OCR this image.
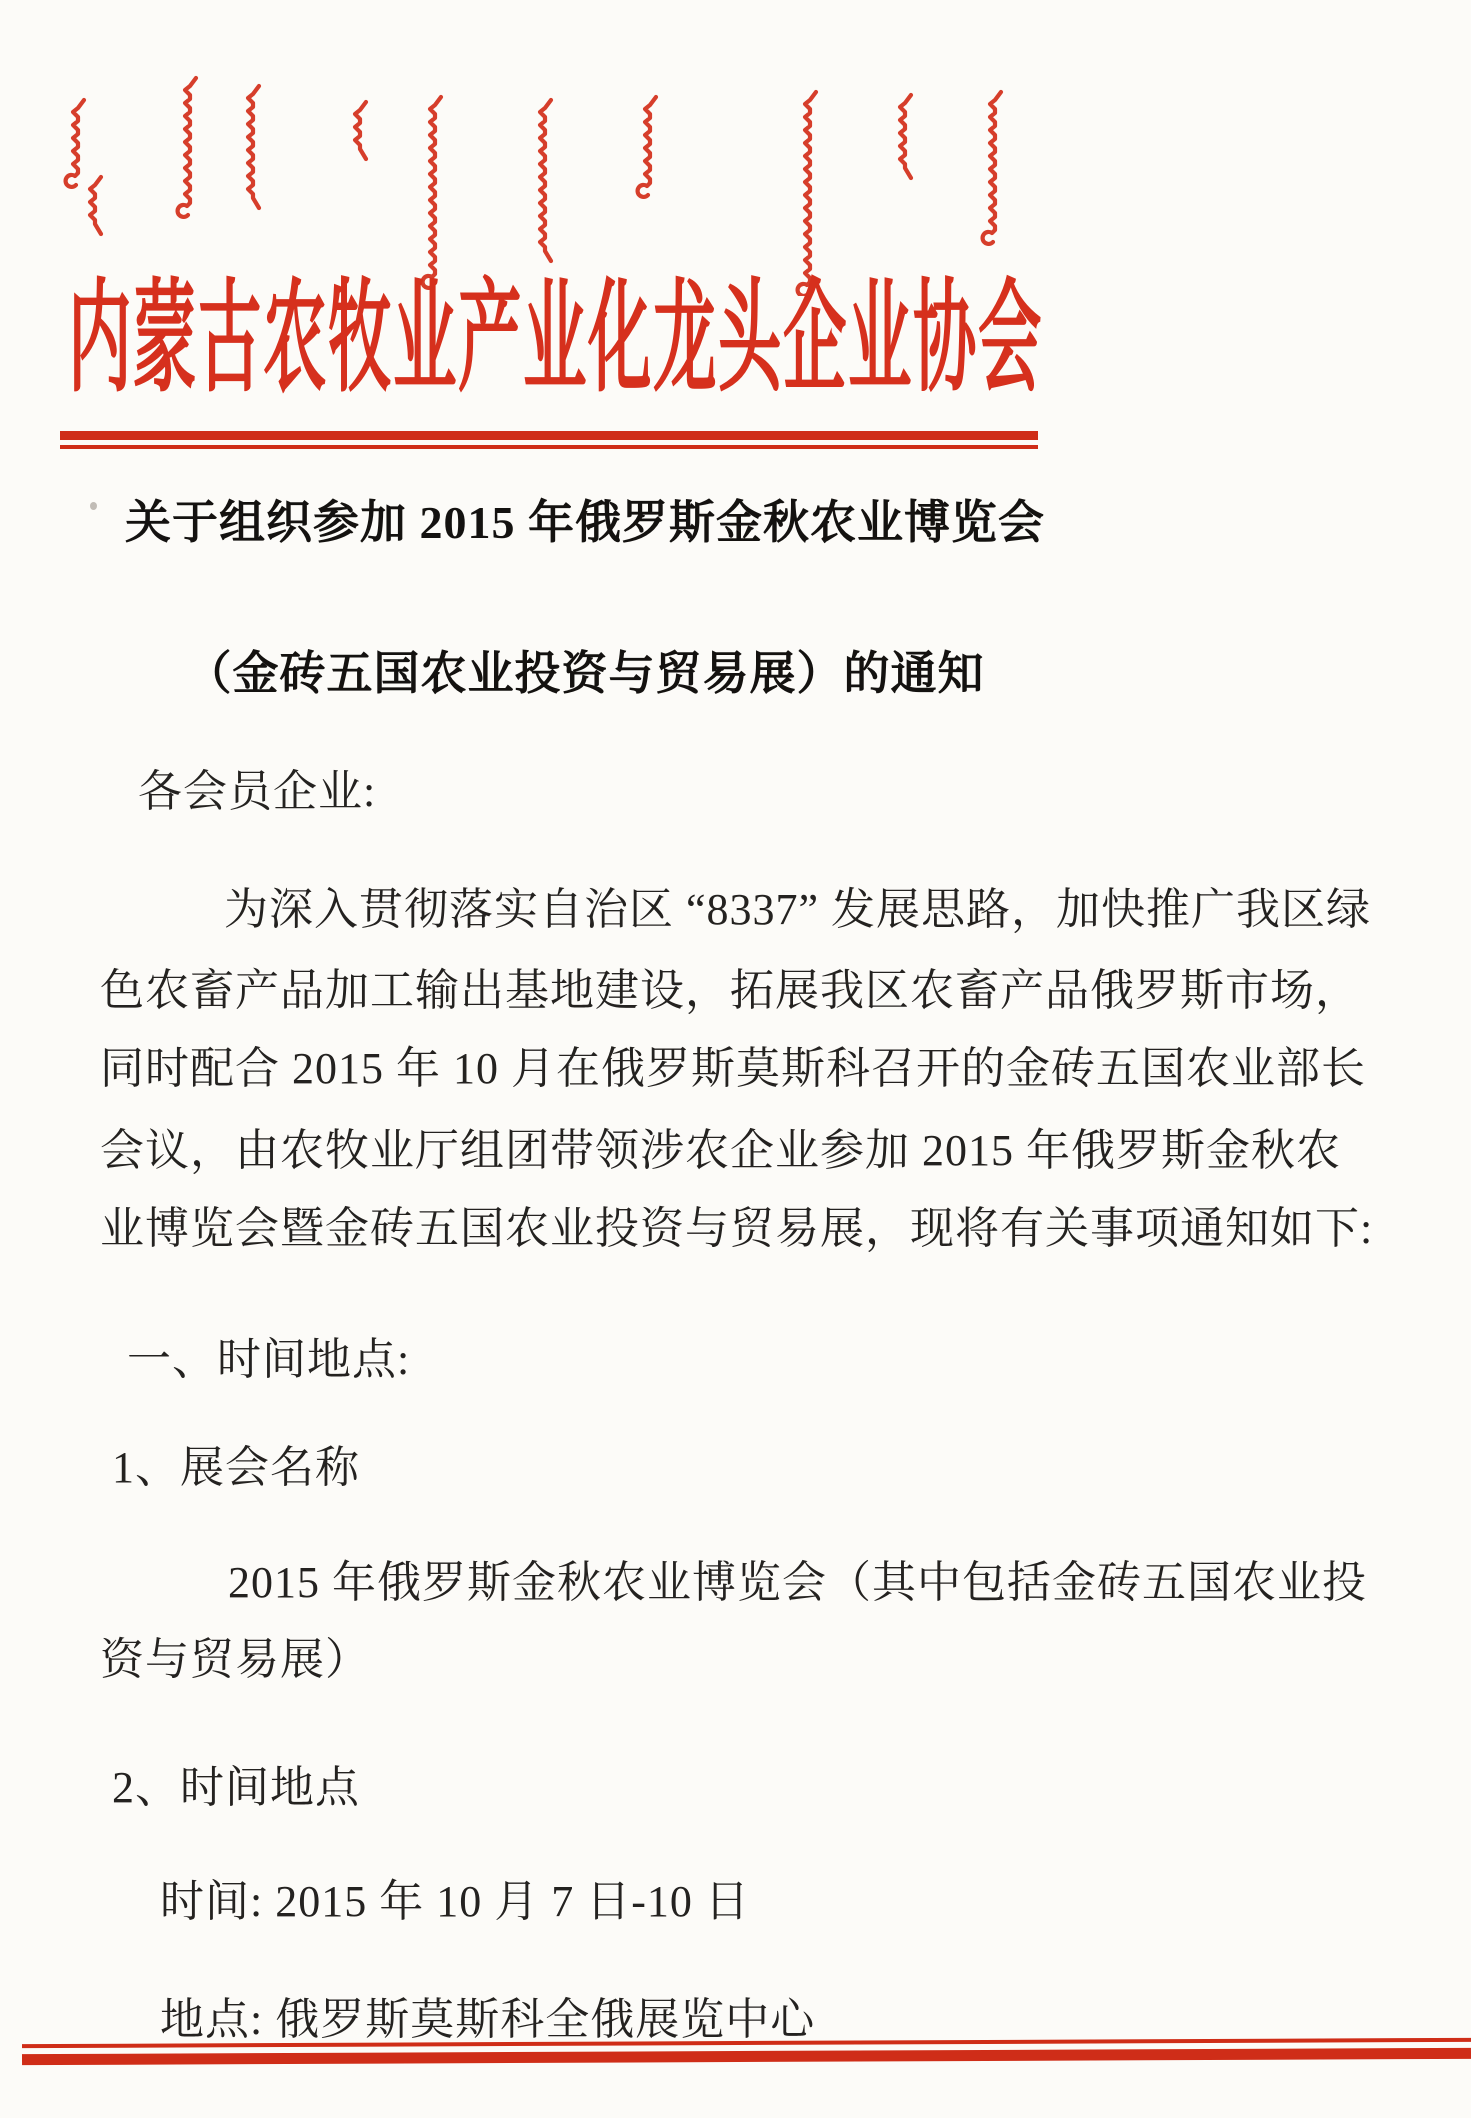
内蒙古农牧业产业化龙头企业协会
关于组织参加 2015 年俄罗斯金秋农业博览会
（金砖五国农业投资与贸易展）的通知
各会员企业:
为深入贯彻落实自治区 “8337” 发展思路，加快推广我区绿
色农畜产品加工输出基地建设，拓展我区农畜产品俄罗斯市场，
同时配合 2015 年 10 月在俄罗斯莫斯科召开的金砖五国农业部长
会议，由农牧业厅组团带领涉农企业参加 2015 年俄罗斯金秋农
业博览会暨金砖五国农业投资与贸易展，现将有关事项通知如下:
一、时间地点:
1、展会名称
2015 年俄罗斯金秋农业博览会（其中包括金砖五国农业投
资与贸易展）
2、时间地点
时间: 2015 年 10 月 7 日-10 日
地点: 俄罗斯莫斯科全俄展览中心
